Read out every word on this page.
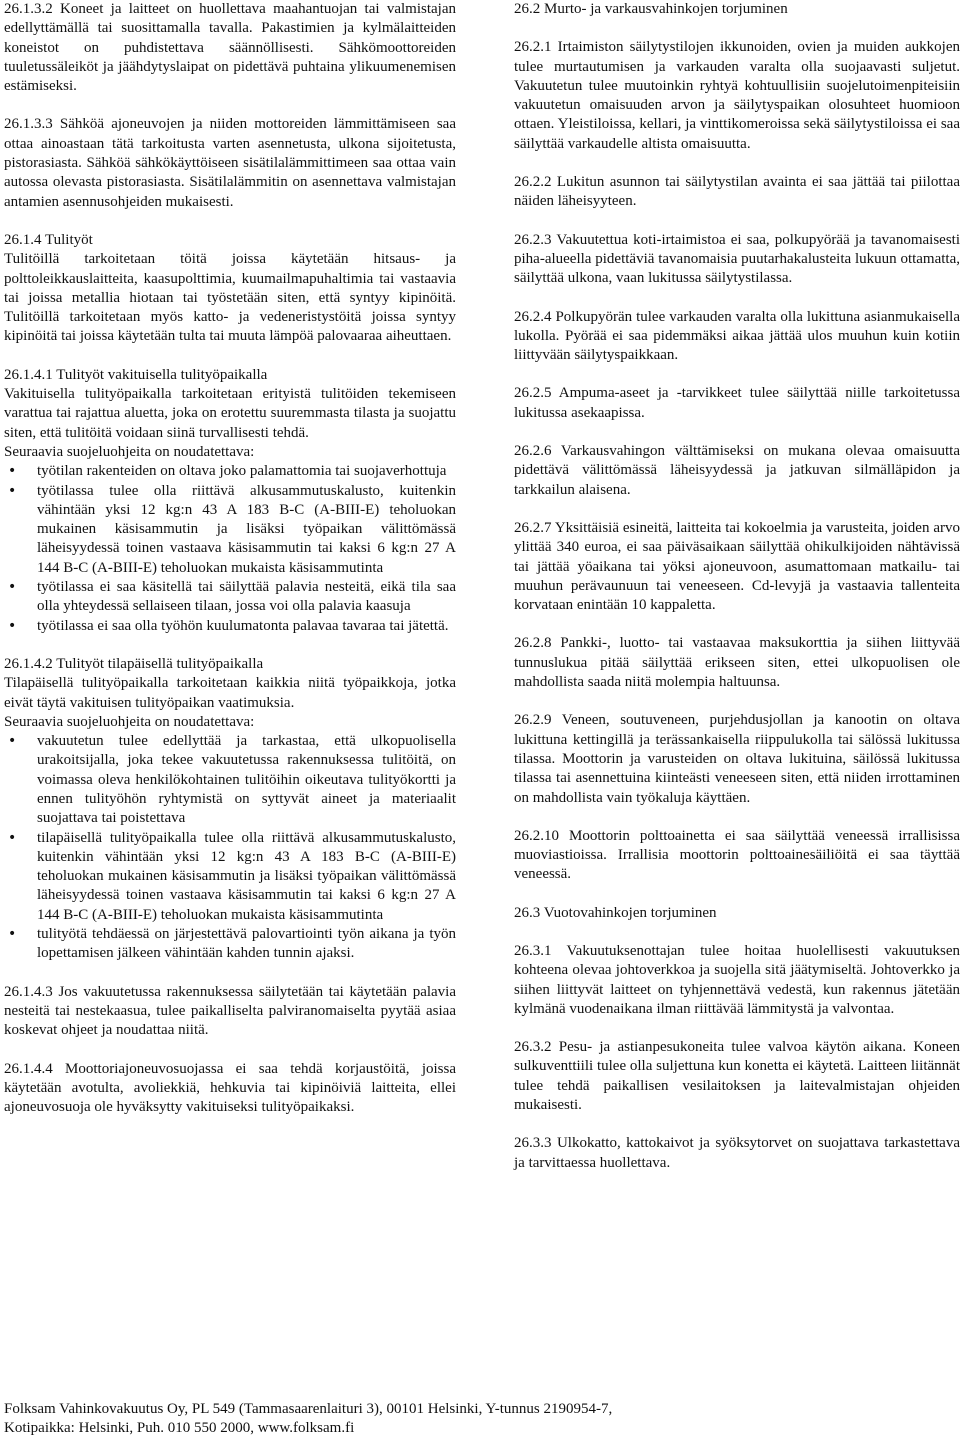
26.1.3.2 Koneet ja laitteet on huollettava maahantuojan tai valmistajan edellyttämällä tai suosittamalla tavalla. Pakastimien ja kylmälaitteiden koneistot on puhdistettava säännöllisesti. Sähkömoottoreiden tuuletussäleiköt ja jäähdytyslaipat on pidettävä puhtaina ylikuumenemisen estämiseksi.

26.1.3.3 Sähköä ajoneuvojen ja niiden mottoreiden lämmittämiseen saa ottaa ainoastaan tätä tarkoitusta varten asennetusta, ulkona sijoitetusta, pistorasiasta. Sähköä sähkökäyttöiseen sisätilalämmittimeen saa ottaa vain autossa olevasta pistorasiasta. Sisätilalämmitin on asennettava valmistajan antamien asennusohjeiden mukaisesti.

26.1.4 Tulityöt

Tulitöillä tarkoitetaan töitä joissa käytetään hitsaus- ja polttoleikkauslaitteita, kaasupolttimia, kuumailmapuhaltimia tai vastaavia tai joissa metallia hiotaan tai työstetään siten, että syntyy kipinöitä. Tulitöillä tarkoitetaan myös katto- ja vedeneristystöitä joissa syntyy kipinöitä tai joissa käytetään tulta tai muuta lämpöä palovaaraa aiheuttaen.

26.1.4.1 Tulityöt vakituisella tulityöpaikalla

Vakituisella tulityöpaikalla tarkoitetaan erityistä tulitöiden tekemiseen varattua tai rajattua aluetta, joka on erotettu suuremmasta tilasta ja suojattu siten, että tulitöitä voidaan siinä turvallisesti tehdä.

Seuraavia suojeluohjeita on noudatettava:

• työtilan rakenteiden on oltava joko palamattomia tai suojaverhottuja
• työtilassa tulee olla riittävä alkusammutuskalusto, kuitenkin vähintään yksi 12 kg:n 43 A 183 B-C (A-BIII-E) teholuokan mukainen käsisammutin ja lisäksi työpaikan välittömässä läheisyydessä toinen vastaava käsisammutin tai kaksi 6 kg:n 27 A 144 B-C (A-BIII-E) teholuokan mukaista käsisammutinta
• työtilassa ei saa käsitellä tai säilyttää palavia nesteitä, eikä tila saa olla yhteydessä sellaiseen tilaan, jossa voi olla palavia kaasuja
• työtilassa ei saa olla työhön kuulumatonta palavaa tavaraa tai jätettä.

26.1.4.2 Tulityöt tilapäisellä tulityöpaikalla

Tilapäisellä tulityöpaikalla tarkoitetaan kaikkia niitä työpaikkoja, jotka eivät täytä vakituisen tulityöpaikan vaatimuksia.

Seuraavia suojeluohjeita on noudatettava:

• vakuutetun tulee edellyttää ja tarkastaa, että ulkopuolisella urakoitsijalla, joka tekee vakuutetussa rakennuksessa tulitöitä, on voimassa oleva henkilökohtainen tulitöihin oikeutava tulityökortti ja ennen tulityöhön ryhtymistä on syttyvät aineet ja materiaalit suojattava tai poistettava
• tilapäisellä tulityöpaikalla tulee olla riittävä alkusammutuskalusto, kuitenkin vähintään yksi 12 kg:n 43 A 183 B-C (A-BIII-E) teholuokan mukainen käsisammutin ja lisäksi työpaikan välittömässä läheisyydessä toinen vastaava käsisammutin tai kaksi 6 kg:n 27 A 144 B-C (A-BIII-E) teholuokan mukaista käsisammutinta
• tulityötä tehdäessä on järjestettävä palovartiointi työn aikana ja työn lopettamisen jälkeen vähintään kahden tunnin ajaksi.

26.1.4.3 Jos vakuutetussa rakennuksessa säilytetään tai käytetään palavia nesteitä tai nestekaasua, tulee paikalliselta palviranomaiselta pyytää asiaa koskevat ohjeet ja noudattaa niitä.

26.1.4.4 Moottoriajoneuvosuojassa ei saa tehdä korjaustöitä, joissa käytetään avotulta, avoliekkiä, hehkuvia tai kipinöiviä laitteita, ellei ajoneuvosuoja ole hyväksytty vakituiseksi tulityöpaikaksi.

26.2 Murto- ja varkausvahinkojen torjuminen

26.2.1 Irtaimiston säilytystilojen ikkunoiden, ovien ja muiden aukkojen tulee murtautumisen ja varkauden varalta olla suojaavasti suljetut. Vakuutetun tulee muutoinkin ryhtyä kohtuullisiin suojelutoimenpiteisiin vakuutetun omaisuuden arvon ja säilytyspaikan olosuhteet huomioon ottaen. Yleistiloissa, kellari, ja vinttikomeroissa sekä säilytystiloissa ei saa säilyttää varkaudelle altista omaisuutta.

26.2.2 Lukitun asunnon tai säilytystilan avainta ei saa jättää tai piilottaa näiden läheisyyteen.

26.2.3 Vakuutettua koti-irtaimistoa ei saa, polkupyörää ja tavanomaisesti piha-alueella pidettäviä tavanomaisia puutarhakalusteita lukuun ottamatta, säilyttää ulkona, vaan lukitussa säilytystilassa.

26.2.4 Polkupyörän tulee varkauden varalta olla lukittuna asianmukaisella lukolla. Pyörää ei saa pidemmäksi aikaa jättää ulos muuhun kuin kotiin liittyvään säilytyspaikkaan.

26.2.5 Ampuma-aseet ja -tarvikkeet tulee säilyttää niille tarkoitetussa lukitussa asekaapissa.

26.2.6 Varkausvahingon välttämiseksi on mukana olevaa omaisuutta pidettävä välittömässä läheisyydessä ja jatkuvan silmälläpidon ja tarkkailun alaisena.

26.2.7 Yksittäisiä esineitä, laitteita tai kokoelmia ja varusteita, joiden arvo ylittää 340 euroa, ei saa päiväsaikaan säilyttää ohikulkijoiden nähtävissä tai jättää yöaikana tai yöksi ajoneuvoon, asumattomaan matkailu- tai muuhun perävaunuun tai veneeseen. Cd-levyjä ja vastaavia tallenteita korvataan enintään 10 kappaletta.

26.2.8 Pankki-, luotto- tai vastaavaa maksukorttia ja siihen liittyvää tunnuslukua pitää säilyttää erikseen siten, ettei ulkopuolisen ole mahdollista saada niitä molempia haltuunsa.

26.2.9 Veneen, soutuveneen, purjehdusjollan ja kanootin on oltava lukittuna kettingillä ja terässankaisella riippulukolla tai sälössä lukitussa tilassa. Moottorin ja varusteiden on oltava lukituina, säilössä lukitussa tilassa tai asennettuina kiinteästi veneeseen siten, että niiden irrottaminen on mahdollista vain työkaluja käyttäen.

26.2.10 Moottorin polttoainetta ei saa säilyttää veneessä irrallisissa muoviastioissa. Irrallisia moottorin polttoainesäiliöitä ei saa täyttää veneessä.

26.3 Vuotovahinkojen torjuminen

26.3.1 Vakuutuksenottajan tulee hoitaa huolellisesti vakuutuksen kohteena olevaa johtoverkkoa ja suojella sitä jäätymiseltä. Johtoverkko ja siihen liittyvät laitteet on tyhjennettävä vedestä, kun rakennus jätetään kylmänä vuodenaikana ilman riittävää lämmitystä ja valvontaa.

26.3.2 Pesu- ja astianpesukoneita tulee valvoa käytön aikana. Koneen sulkuventtiili tulee olla suljettuna kun konetta ei käytetä. Laitteen liitännät tulee tehdä paikallisen vesilaitoksen ja laitevalmistajan ohjeiden mukaisesti.

26.3.3 Ulkokatto, kattokaivot ja syöksytorvet on suojattava tarkastettava ja tarvittaessa huollettava.

Folksam Vahinkovakuutus Oy, PL 549 (Tammasaarenlaituri 3), 00101 Helsinki, Y-tunnus 2190954-7,

Kotipaikka: Helsinki, Puh. 010 550 2000, www.folksam.fi
